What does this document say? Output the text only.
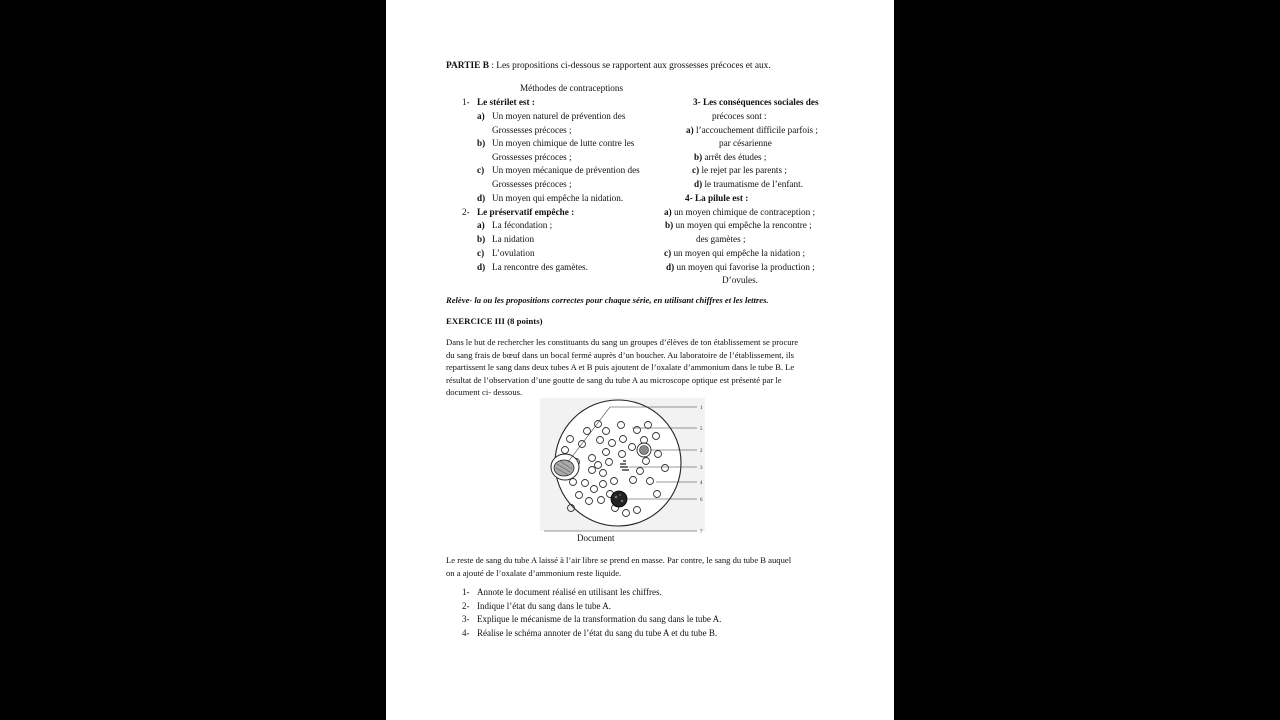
PARTIE B : Les propositions ci-dessous se rapportent aux grossesses précoces et aux.
Méthodes de contraceptions
1- Le stérilet est :
a) Un moyen naturel de prévention des
Grossesses précoces ;
b) Un moyen chimique de lutte contre les
Grossesses précoces ;
c) Un moyen mécanique de prévention des
Grossesses précoces ;
d) Un moyen qui empêche la nidation.
2- Le préservatif empêche :
a) La fécondation ;
b) La nidation
c) L’ovulation
d) La rencontre des gamètes.
3- Les conséquences sociales des
précoces sont :
a) l’accouchement difficile parfois ;
par césarienne
b) arrêt des études ;
c) le rejet par les parents ;
d) le traumatisme de l’enfant.
4- La pilule est :
a) un moyen chimique de contraception ;
b) un moyen qui empêche la rencontre ;
des gamètes ;
c) un moyen qui empêche la nidation ;
d) un moyen qui favorise la production ;
D’ovules.
Relève- la ou les propositions correctes pour chaque série, en utilisant chiffres et les lettres.
EXERCICE III (8 points)
Dans le but de rechercher les constituants du sang un groupes d’élèves de ton établissement se procure
du sang frais de bœuf dans un bocal fermé auprès d’un boucher. Au laboratoire de l’établissement, ils
repartissent le sang dans deux tubes A et B puis ajoutent de l’oxalate d’ammonium dans le tube B. Le
résultat de l’observation d’une goutte de sang du tube A au microscope optique est présenté par le
document ci- dessous.
1
5
2
3
4
6
7
Document
Le reste de sang du tube A laissé à l’air libre se prend en masse. Par contre, le sang du tube B auquel
on a ajouté de l’oxalate d’ammonium reste liquide.
1- Annote le document réalisé en utilisant les chiffres.
2- Indique l’état du sang dans le tube A.
3- Explique le mécanisme de la transformation du sang dans le tube A.
4- Réalise le schéma annoter de l’état du sang du tube A et du tube B.
